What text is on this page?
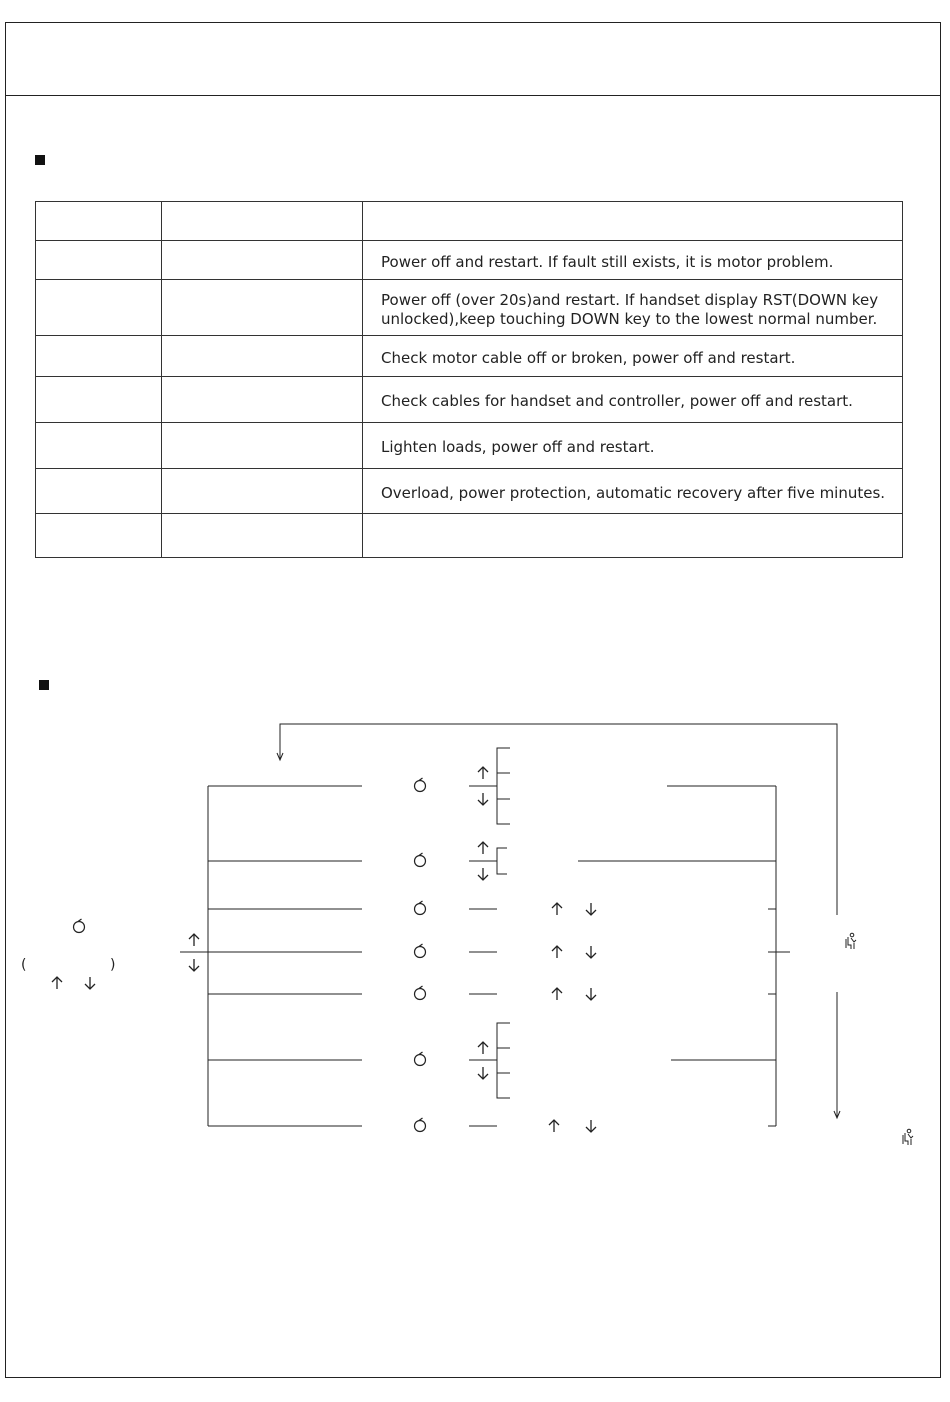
		Power off and restart. If fault still exists, it is motor problem.
		Power off (over 20s)and restart. If handset display RST(DOWN key unlocked),keep touching DOWN key to the lowest normal number.
		Check motor cable off or broken, power off and restart.
		Check cables for handset and controller, power off and restart.
		Lighten loads, power off and restart.
		Overload, power protection, automatic recovery after five minutes.

(	)
